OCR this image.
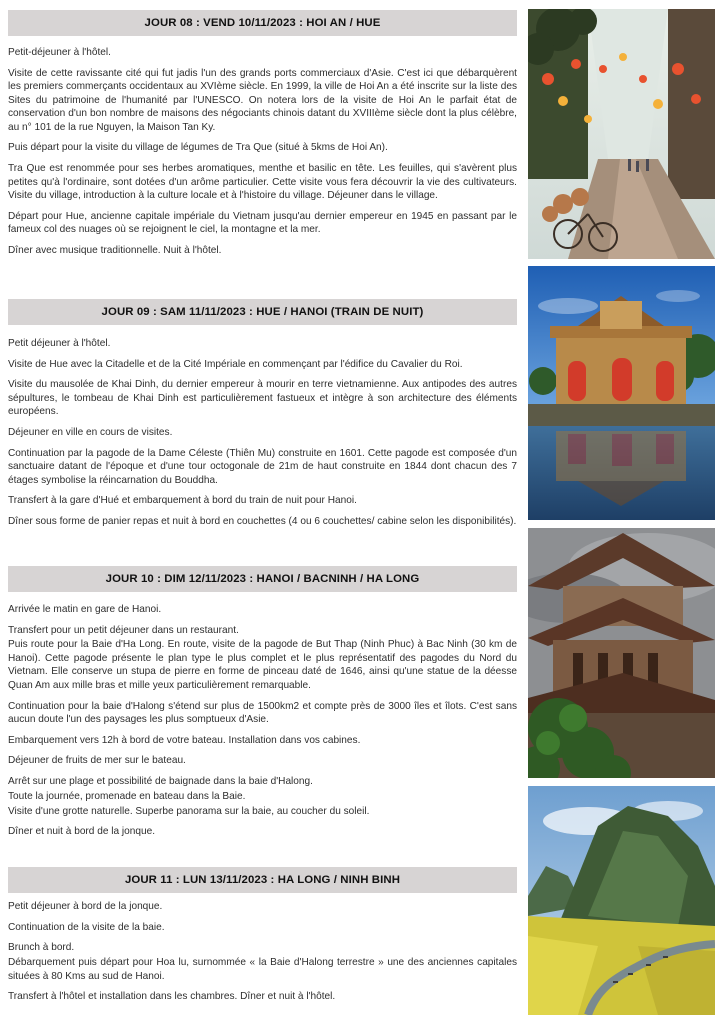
JOUR 08 : VEND 10/11/2023 : HOI AN / HUE

Petit-déjeuner à l'hôtel.

Visite de cette ravissante cité qui fut jadis l'un des grands ports commerciaux d'Asie. C'est ici que débarquèrent les premiers commerçants occidentaux au XVIème siècle. En 1999, la ville de Hoi An a été inscrite sur la liste des Sites du patrimoine de l'humanité par l'UNESCO. On notera lors de la visite de Hoi An le parfait état de conservation d'un bon nombre de maisons des négociants chinois datant du XVIIIème siècle dont la plus célèbre, au n° 101 de la rue Nguyen, la Maison Tan Ky.

Puis départ pour la visite du village de légumes de Tra Que (situé à 5kms de Hoi An).

Tra Que est renommée pour ses herbes aromatiques, menthe et basilic en tête. Les feuilles, qui s'avèrent plus petites qu'à l'ordinaire, sont dotées d'un arôme particulier. Cette visite vous fera découvrir la vie des cultivateurs. Visite du village, introduction à la culture locale et à l'histoire du village. Déjeuner dans le village.

Départ pour Hue, ancienne capitale impériale du Vietnam jusqu'au dernier empereur en 1945 en passant par le fameux col des nuages où se rejoignent le ciel, la montagne et la mer.

Dîner avec musique traditionnelle. Nuit à l'hôtel.

JOUR 09 : SAM 11/11/2023 : HUE / HANOI (TRAIN DE NUIT)

Petit déjeuner à l'hôtel.

Visite de Hue avec la Citadelle et de la Cité Impériale en commençant par l'édifice du Cavalier du Roi.

Visite du mausolée de Khai Dinh, du dernier empereur à mourir en terre vietnamienne. Aux antipodes des autres sépultures, le tombeau de Khai Dinh est particulièrement fastueux et intègre à son architecture des éléments européens.

Déjeuner en ville en cours de visites.

Continuation par la pagode de la Dame Céleste (Thiên Mu) construite en 1601. Cette pagode est composée d'un sanctuaire datant de l'époque et d'une tour octogonale de 21m de haut construite en 1844 dont chacun des 7 étages symbolise la réincarnation du Bouddha.

Transfert à la gare d'Hué et embarquement à bord du train de nuit pour Hanoi.

Dîner sous forme de panier repas et nuit à bord en couchettes (4 ou 6 couchettes/ cabine selon les disponibilités).

JOUR 10 : DIM 12/11/2023 : HANOI / BACNINH / HA LONG

Arrivée le matin en gare de Hanoi.

Transfert pour un petit déjeuner dans un restaurant.

Puis route pour la Baie d'Ha Long. En route, visite de la pagode de But Thap (Ninh Phuc) à Bac Ninh (30 km de Hanoi). Cette pagode présente le plan type le plus complet et le plus représentatif des pagodes du Nord du Vietnam. Elle conserve un stupa de pierre en forme de pinceau daté de 1646, ainsi qu'une statue de la déesse Quan Am aux mille bras et mille yeux particulièrement remarquable.

Continuation pour la baie d'Halong s'étend sur plus de 1500km2 et compte près de 3000 îles et îlots. C'est sans aucun doute l'un des paysages les plus somptueux d'Asie.

Embarquement vers 12h à bord de votre bateau. Installation dans vos cabines.

Déjeuner de fruits de mer sur le bateau.

Arrêt sur une plage et possibilité de baignade dans la baie d'Halong.

Toute la journée, promenade en bateau dans la Baie.

Visite d'une grotte naturelle. Superbe panorama sur la baie, au coucher du soleil.

Dîner et nuit à bord de la jonque.

JOUR 11 : LUN 13/11/2023 : HA LONG / NINH BINH

Petit déjeuner à bord de la jonque.

Continuation de la visite de la baie.

Brunch à bord.

Débarquement puis départ pour Hoa lu, surnommée « la Baie d'Halong terrestre » une des anciennes capitales situées à 80 Kms au sud de Hanoi.

Transfert à l'hôtel et installation dans les chambres. Dîner et nuit à l'hôtel.
